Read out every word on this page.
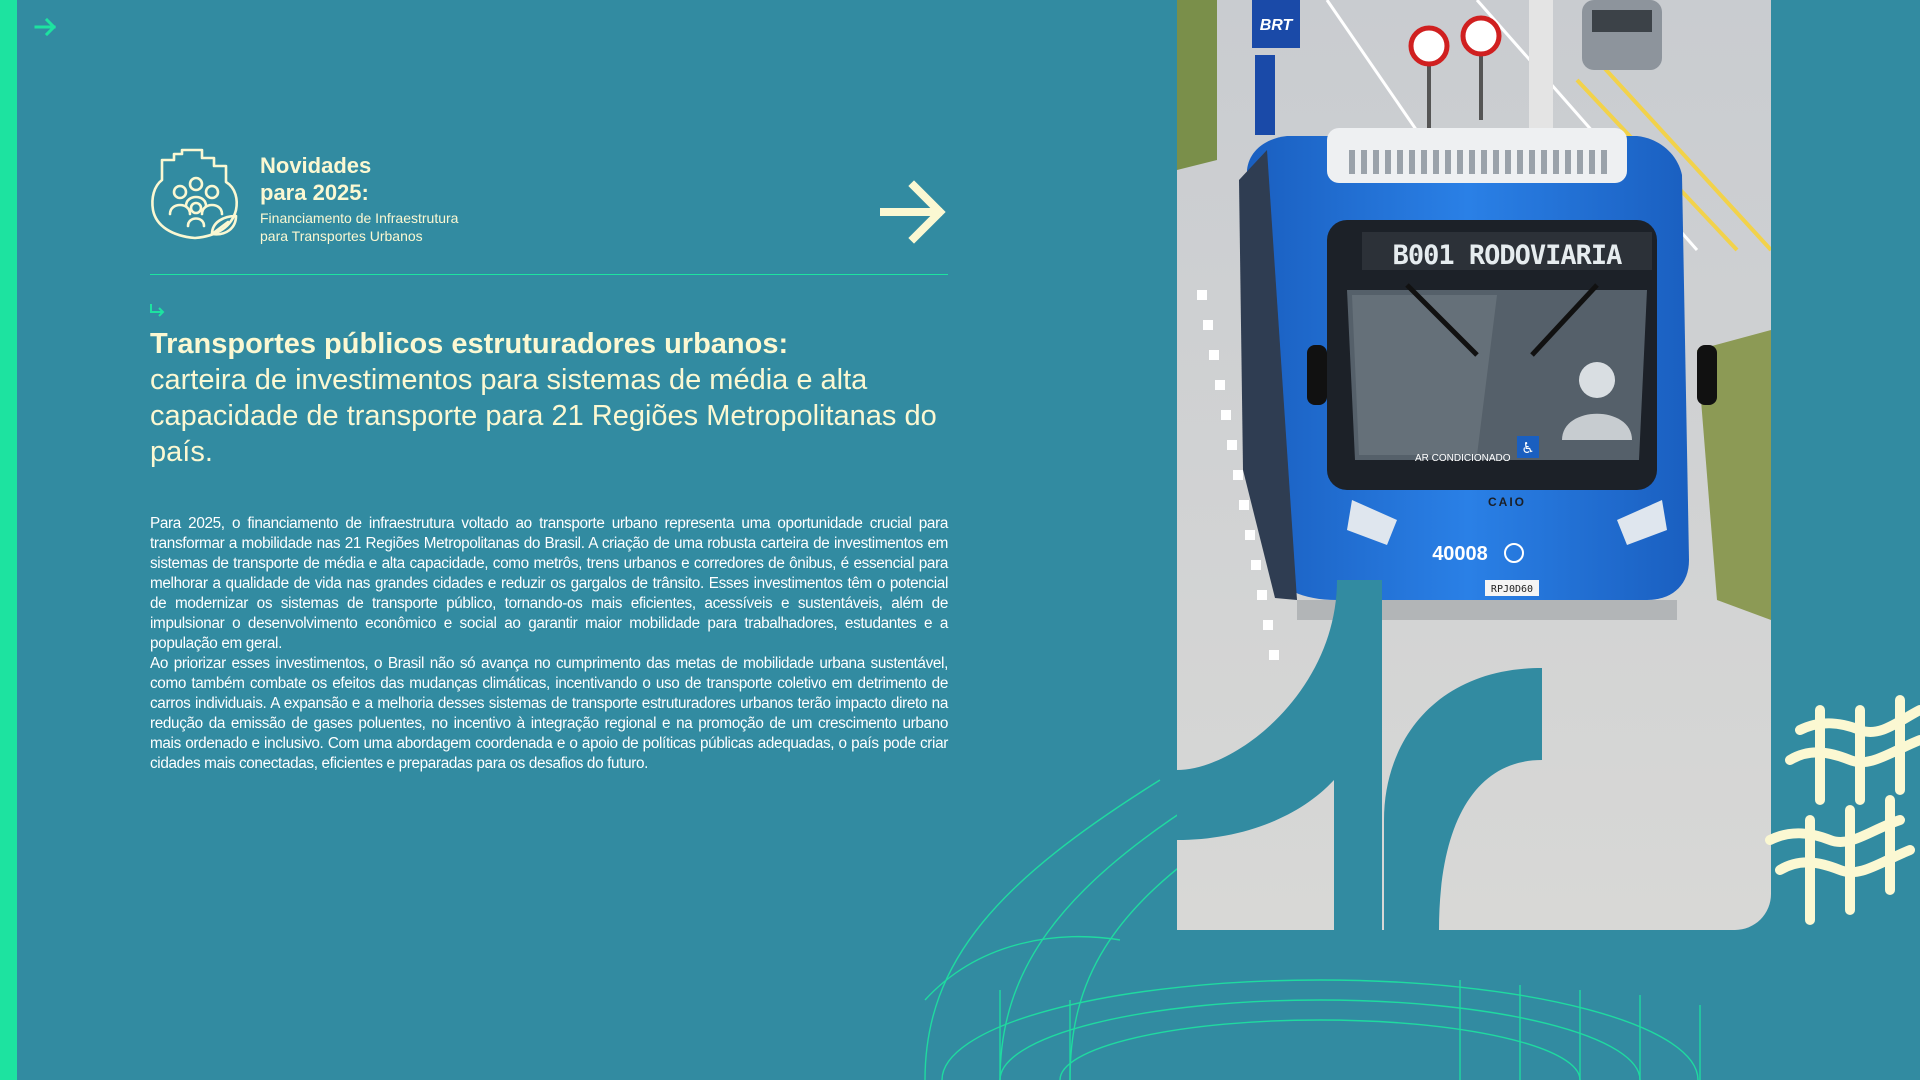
Novidades
para 2025:
Financiamento de Infraestrutura
para Transportes Urbanos
Transportes públicos estruturadores urbanos:
carteira de investimentos para sistemas de média e alta capacidade de transporte para 21 Regiões Metropolitanas do país.

Para 2025, o financiamento de infraestrutura voltado ao transporte urbano representa uma oportunidade crucial para transformar a mobilidade nas 21 Regiões Metropolitanas do Brasil. A criação de uma robusta carteira de investimentos em sistemas de transporte de média e alta capacidade, como metrôs, trens urbanos e corredores de ônibus, é essencial para melhorar a qualidade de vida nas grandes cidades e reduzir os gargalos de trânsito. Esses investimentos têm o potencial de modernizar os sistemas de transporte público, tornando-os mais eficientes, acessíveis e sustentáveis, além de impulsionar o desenvolvimento econômico e social ao garantir maior mobilidade para trabalhadores, estudantes e a população em geral.

Ao priorizar esses investimentos, o Brasil não só avança no cumprimento das metas de mobilidade urbana sustentável, como também combate os efeitos das mudanças climáticas, incentivando o uso de transporte coletivo em detrimento de carros individuais. A expansão e a melhoria desses sistemas de transporte estruturadores urbanos terão impacto direto na redução da emissão de gases poluentes, no incentivo à integração regional e na promoção de um crescimento urbano mais ordenado e inclusivo. Com uma abordagem coordenada e o apoio de políticas públicas adequadas, o país pode criar cidades mais conectadas, eficientes e preparadas para os desafios do futuro.

BRT
B001 RODOVIARIA
AR CONDICIONADO
♿
CAIO
40008
RPJ0D60
